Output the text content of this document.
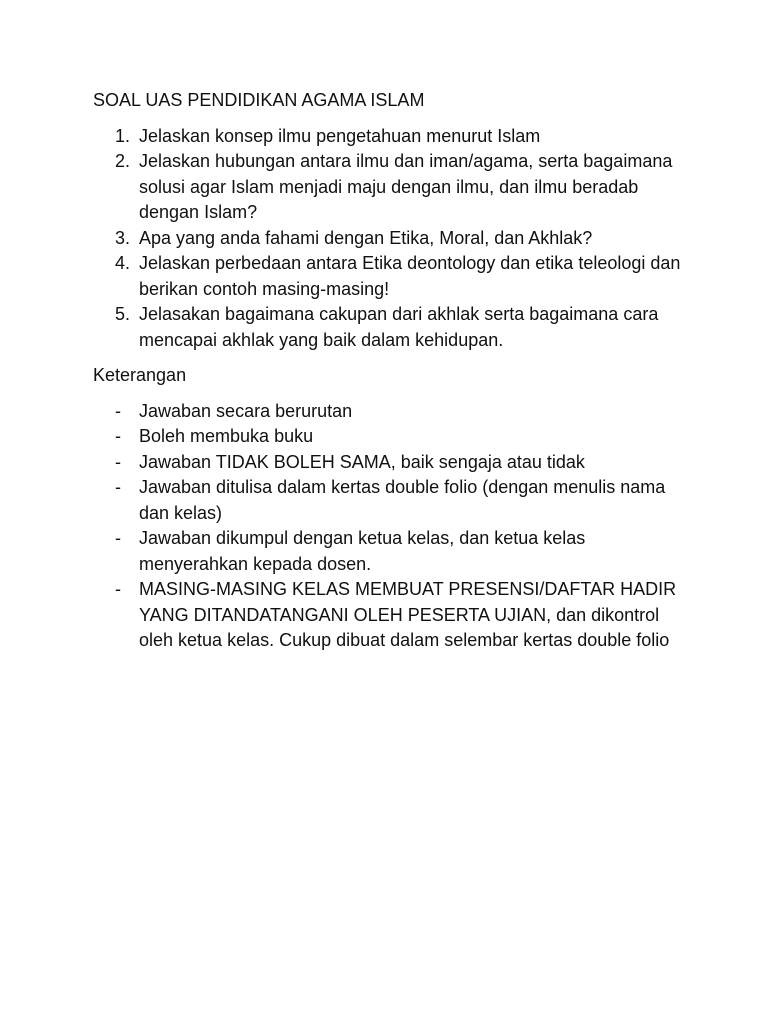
SOAL UAS PENDIDIKAN AGAMA ISLAM
1. Jelaskan konsep ilmu pengetahuan menurut Islam
2. Jelaskan hubungan antara ilmu dan iman/agama, serta bagaimana solusi agar Islam menjadi maju dengan ilmu, dan ilmu beradab dengan Islam?
3. Apa yang anda fahami dengan Etika, Moral, dan Akhlak?
4. Jelaskan perbedaan antara Etika deontology dan etika teleologi dan berikan contoh masing-masing!
5. Jelasakan bagaimana cakupan dari akhlak serta bagaimana cara mencapai akhlak yang baik dalam kehidupan.
Keterangan
- Jawaban secara berurutan
- Boleh membuka buku
- Jawaban TIDAK BOLEH SAMA, baik sengaja atau tidak
- Jawaban ditulisa dalam kertas double folio (dengan menulis nama dan kelas)
- Jawaban dikumpul dengan ketua kelas, dan ketua kelas menyerahkan kepada dosen.
- MASING-MASING KELAS MEMBUAT PRESENSI/DAFTAR HADIR YANG DITANDATANGANI OLEH PESERTA UJIAN, dan dikontrol oleh ketua kelas. Cukup dibuat dalam selembar kertas double folio
